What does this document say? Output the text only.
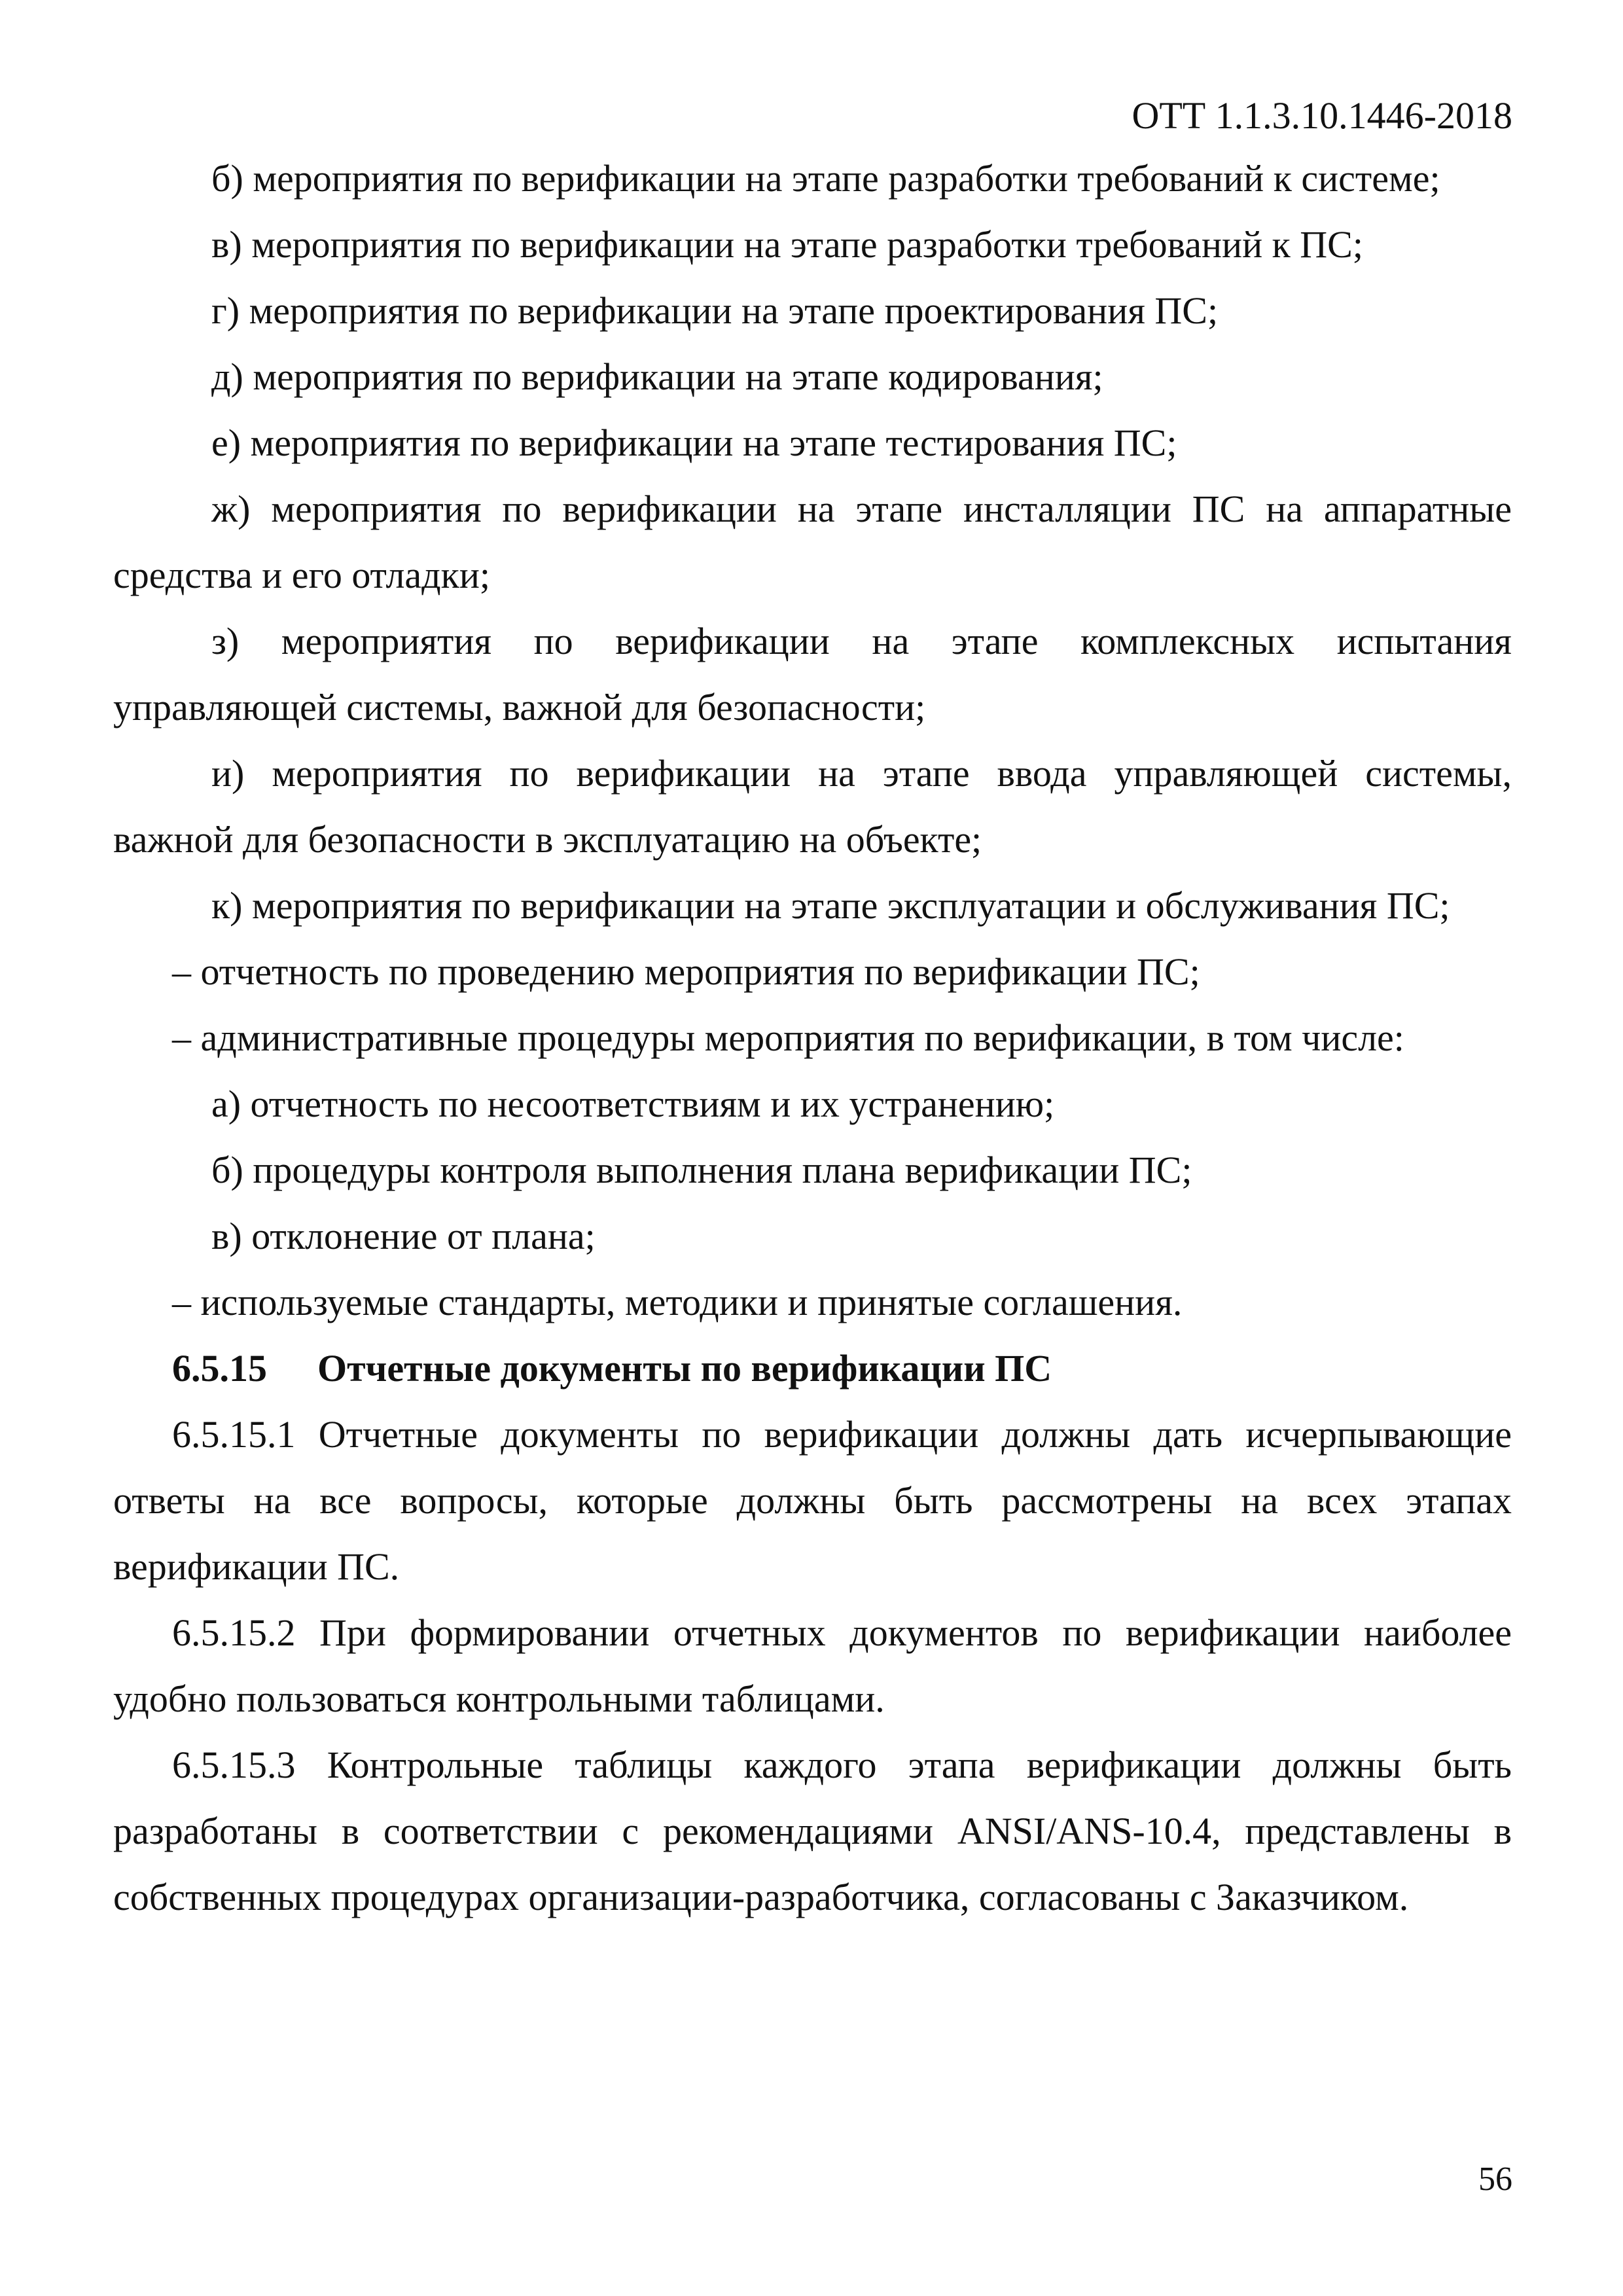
ОТТ 1.1.3.10.1446-2018
б) мероприятия по верификации на этапе разработки требований к системе;
в) мероприятия по верификации на этапе разработки требований к ПС;
г) мероприятия по верификации на этапе проектирования ПС;
д) мероприятия по верификации на этапе кодирования;
е) мероприятия по верификации на этапе тестирования ПС;
ж) мероприятия по верификации на этапе инсталляции ПС на аппаратные
средства и его отладки;
з) мероприятия по верификации на этапе комплексных испытания
управляющей системы, важной для безопасности;
и) мероприятия по верификации на этапе ввода управляющей системы,
важной для безопасности в эксплуатацию на объекте;
к) мероприятия по верификации на этапе эксплуатации и обслуживания ПС;
– отчетность по проведению мероприятия по верификации ПС;
– административные процедуры мероприятия по верификации, в том числе:
а) отчетность по несоответствиям и их устранению;
б) процедуры контроля выполнения плана верификации ПС;
в) отклонение от плана;
– используемые стандарты, методики и принятые соглашения.
6.5.15 Отчетные документы по верификации ПС
6.5.15.1 Отчетные документы по верификации должны дать исчерпывающие
ответы на все вопросы, которые должны быть рассмотрены на всех этапах
верификации ПС.
6.5.15.2 При формировании отчетных документов по верификации наиболее
удобно пользоваться контрольными таблицами.
6.5.15.3 Контрольные таблицы каждого этапа верификации должны быть
разработаны в соответствии с рекомендациями ANSI/ANS-10.4, представлены в
собственных процедурах организации-разработчика, согласованы с Заказчиком.
56
